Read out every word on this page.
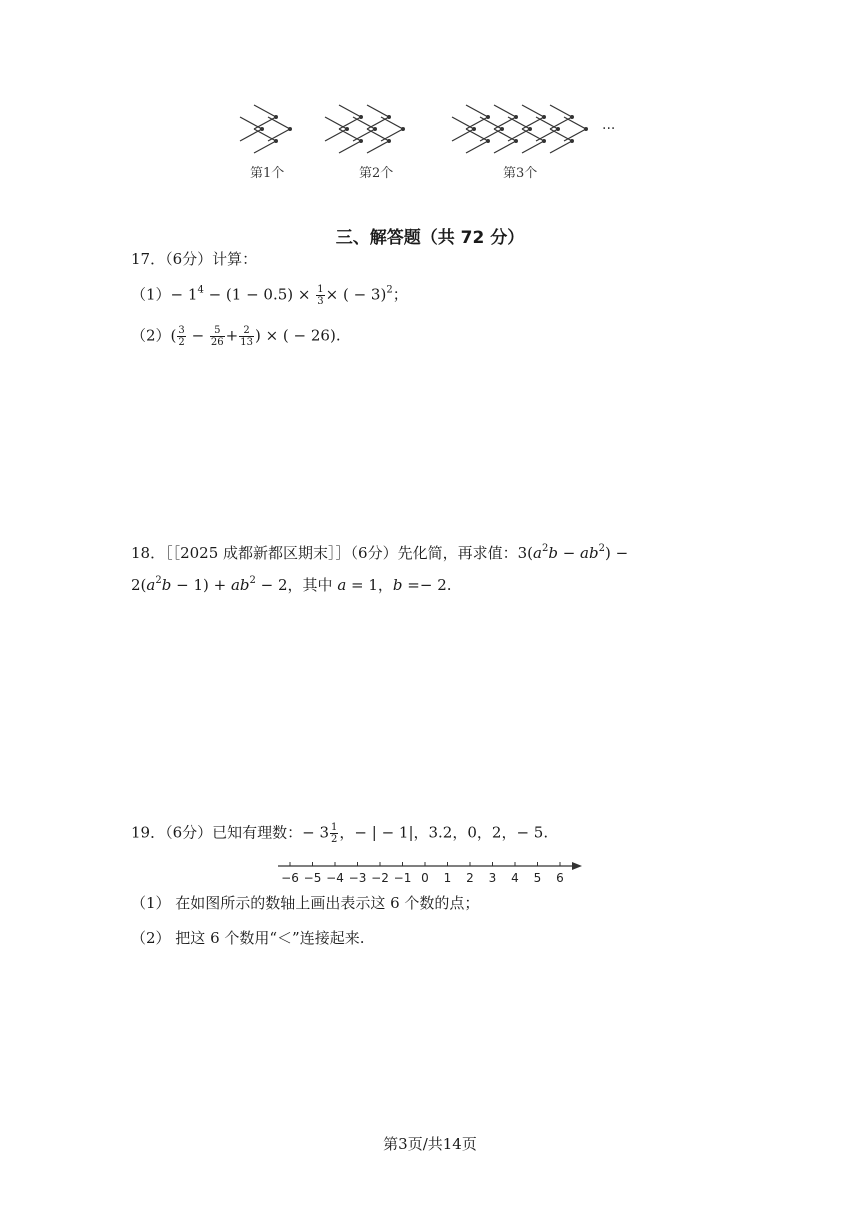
···
第1个	第2个	第3个
三、解答题（共 72 分）
17．（6分）计算：
$(1)- 1^4 - (1 - 0.5) \times \frac{1}{3}$ × ( − 3)$^2$；
$(2)( \frac{3}{2} - \frac{5}{26} + \frac{2}{13}$ ) × ( − 26).
18．［［2025 成都新都区期末］］（6分）先化简，再求值：$3(a^2b - ab^2)$ −
$2(a^2b - 1) + ab^2 - 2$，其中 a = 1，b =− 2.
19．（6分）已知有理数：− $3 \frac{1}{2}$ ，− | − 1|，3.2，0，2，− 5.
−6 −5 −4 −3 −2 −1 0 1 2 3 4 5 6
（1） 在如图所示的数轴上画出表示这 6 个数的点；
（2） 把这 6 个数用“＜”连接起来.
第3页/共14页
